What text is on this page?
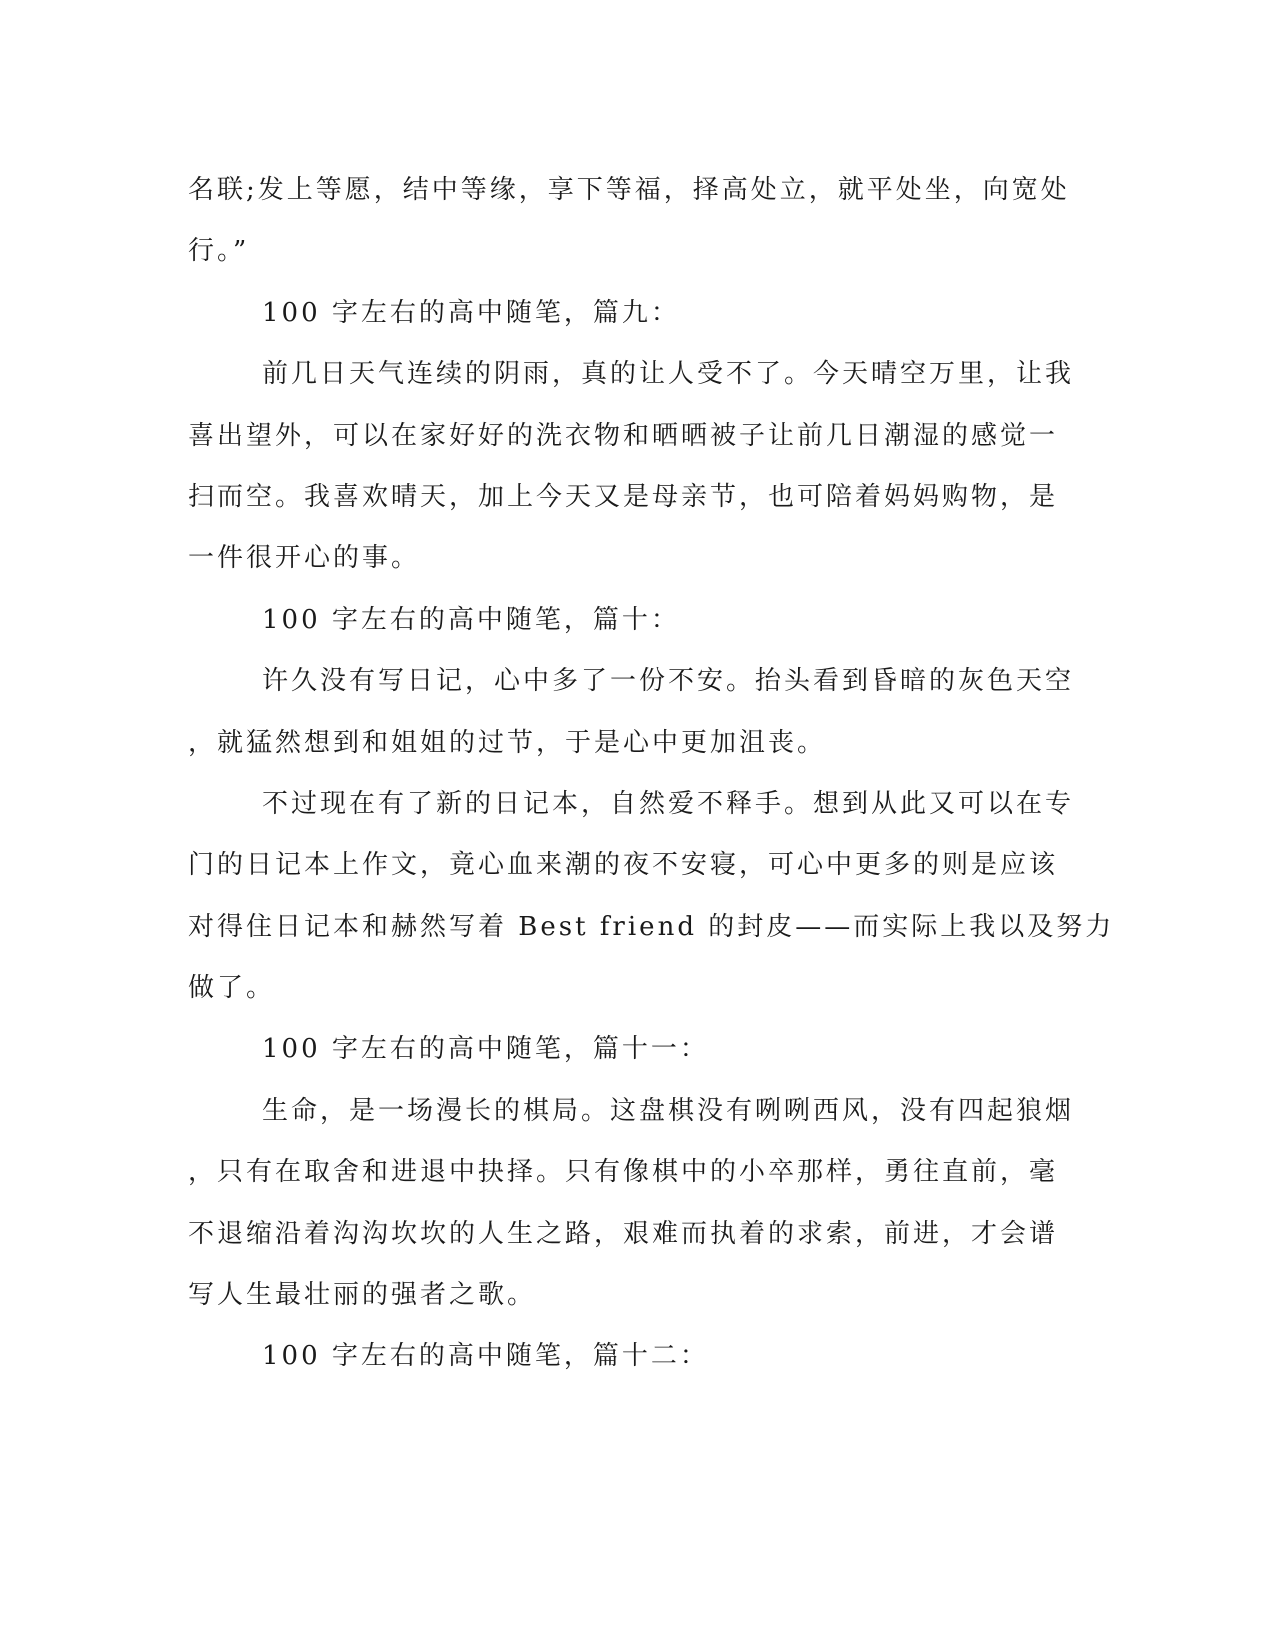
名联;发上等愿，结中等缘，享下等福，择高处立，就平处坐，向宽处
行。”
100 字左右的高中随笔，篇九：
前几日天气连续的阴雨，真的让人受不了。今天晴空万里，让我
喜出望外，可以在家好好的洗衣物和晒晒被子让前几日潮湿的感觉一
扫而空。我喜欢晴天，加上今天又是母亲节，也可陪着妈妈购物，是
一件很开心的事。
100 字左右的高中随笔，篇十：
许久没有写日记，心中多了一份不安。抬头看到昏暗的灰色天空
，就猛然想到和姐姐的过节，于是心中更加沮丧。
不过现在有了新的日记本，自然爱不释手。想到从此又可以在专
门的日记本上作文，竟心血来潮的夜不安寝，可心中更多的则是应该
对得住日记本和赫然写着 Best friend 的封皮——而实际上我以及努力
做了。
100 字左右的高中随笔，篇十一：
生命，是一场漫长的棋局。这盘棋没有咧咧西风，没有四起狼烟
，只有在取舍和进退中抉择。只有像棋中的小卒那样，勇往直前，毫
不退缩沿着沟沟坎坎的人生之路，艰难而执着的求索，前进，才会谱
写人生最壮丽的强者之歌。
100 字左右的高中随笔，篇十二：
